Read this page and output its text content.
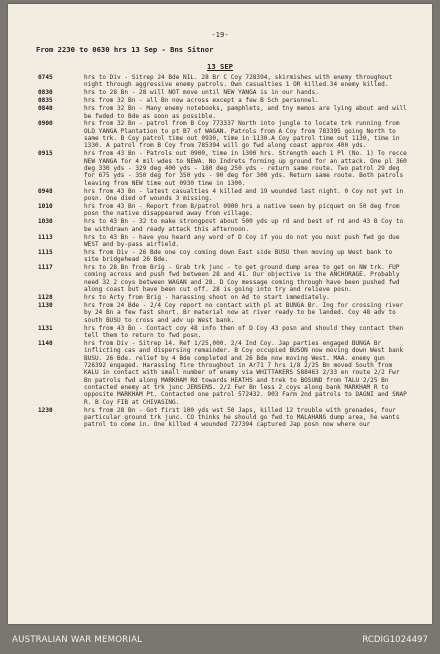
-19-
From 2230 to 0630 hrs 13 Sep - Bns Sitnor
13 SEP
0745	hrs to Div - Sitrep 24 Bde NIL. 28 Br C Coy 728394, skirmishes with enemy throughout night through aggressive enemy patrols. Own casualties 1 OR killed.34 enemy killed.
0830	hrs to 28 Bn - 28 will NOT move until NEW YANGA is in our hands.
0835	hrs from 32 Bn - all Bn now across except a few B Sch personnel.
0840	hrs from 32 Bn - Many enemy notebooks, pamphlets, and tny memos are lying about and will be fwded to Bde as soon as possible.
0900	hrs from 32 Bn - patrol from B Coy 773337 North into jungle to locate trk running from OLD YANGA Plantation to pt B7 of WAGAN. Patrols from A Coy from 783395 going North to same trk. B Coy patrol time out 0930, time in 1130.A Coy patrol time out 1130, time in 1330. A patrol from B Coy from 785394 will go fwd along coast approx 400 yds.
0915	hrs from 43 Bn - Patrols out 0900, time in 1300 hrs. Strength each 1 Pl (No. 1) To recce NEW YANGA for 4 mil wdes to NEWA. No Indrets forming up ground for an attack. One pl 360 deg 330 yds - 329 deg 400 yds - 180 deg 250 yds - return same route. Two patrol 29 deg for 675 yds - 350 deg for 350 yds - 90 deg for 300 yds. Return same route. Both patrols leaving from NEW time out 0930 time in 1300.
0948	hrs from 43 Bn - latest casualties 4 killed and 19 wounded last night. 0 Coy not yet in posn. One died of wounds 3 missing.
1010	hrs from 43 Bn - Report from B/patrol 0900 hrs a native seen by picquet on 50 deg from posn the native disappeared away from village.
1030	hrs to 43 Bn - 32 to make strongpost about 500 yds up rd and best of rd and 43 B Coy to be withdrawn and ready attack this afternoon.
1113	hrs to 43 Bn - have you heard any word of D Coy if you do not you must push fwd go due WEST and by-pass airfield.
1115	hrs from Div - 26 Bde one coy coming down East side BUSU then moving up West bank to site bridgehead 26 Bde.
1117	hrs to 28 Bn from Brig - Grab trk junc - to get ground dump area to get on NW trk. FUP coming across and push fwd between 28 and 41. Our objective is the ANCHORAGE. Probably need 32 2 coys between WAGAN and 28. D Coy message coming through have been pushed fwd along coast but have been cut off. 28 is going into try and relieve posn.
1128	hrs to Arty from Brig - harassing shoot on Ad to start immediately.
1130	hrs from 24 Bde - 2/4 Coy report no contact with pl at BUNGA Br. Ing for crossing river by 24 Bn a few fast short. Br material now at river ready to be landed. Coy 48 adv to south BUSU to cross and adv up West bank.
1131	hrs from 43 Bn - Contact coy 48 info then of D Coy 43 posn and should they contact then tell them to return to fwd posn.
1140	hrs from Div - Sitrep 14. Ref 1/25,000. 2/4 Ind Coy. Jap parties engaged BUNGA Br inflicting cas and dispersing remainder. B Coy occupied BUSON now moving down West bank BUSU. 26 Bde. relief by 4 Bde completed and 26 Bde now moving West. MAA. enemy gun 726392 engaged. Harassing fire throughout in Ar71 7 hrs 1/8 2/25 Bn moved South from KALU in contact with small number of enemy via WHITTAKERS 588463 2/33 en route 2/2 Fwr Bn patrols fwd along MARKHAM Rd towards HEATHS and trek to BOSUND from TALU 2/25 Bn contacted enemy at trk junc JENSENS. 2/2 Fwr Bn less 2 coys along bank MARKHAM R to opposite MARKHAM Pt. Contacted one patrol 572432. 903 Farm 2nd patrols to DAGNI and SNAP R. B Coy FIB at CHIVASING.
1230	hrs from 28 Bn - Got first 100 yds wst 50 Japs, killed 12 trouble with grenades, four particular ground trk junc. CO thinks he should go fwd to MALAHANG dump area, he wants patrol to come in. One killed 4 wounded 727394 captured Jap posn now where our
AUSTRALIAN WAR MEMORIAL	RCDIG1024497
